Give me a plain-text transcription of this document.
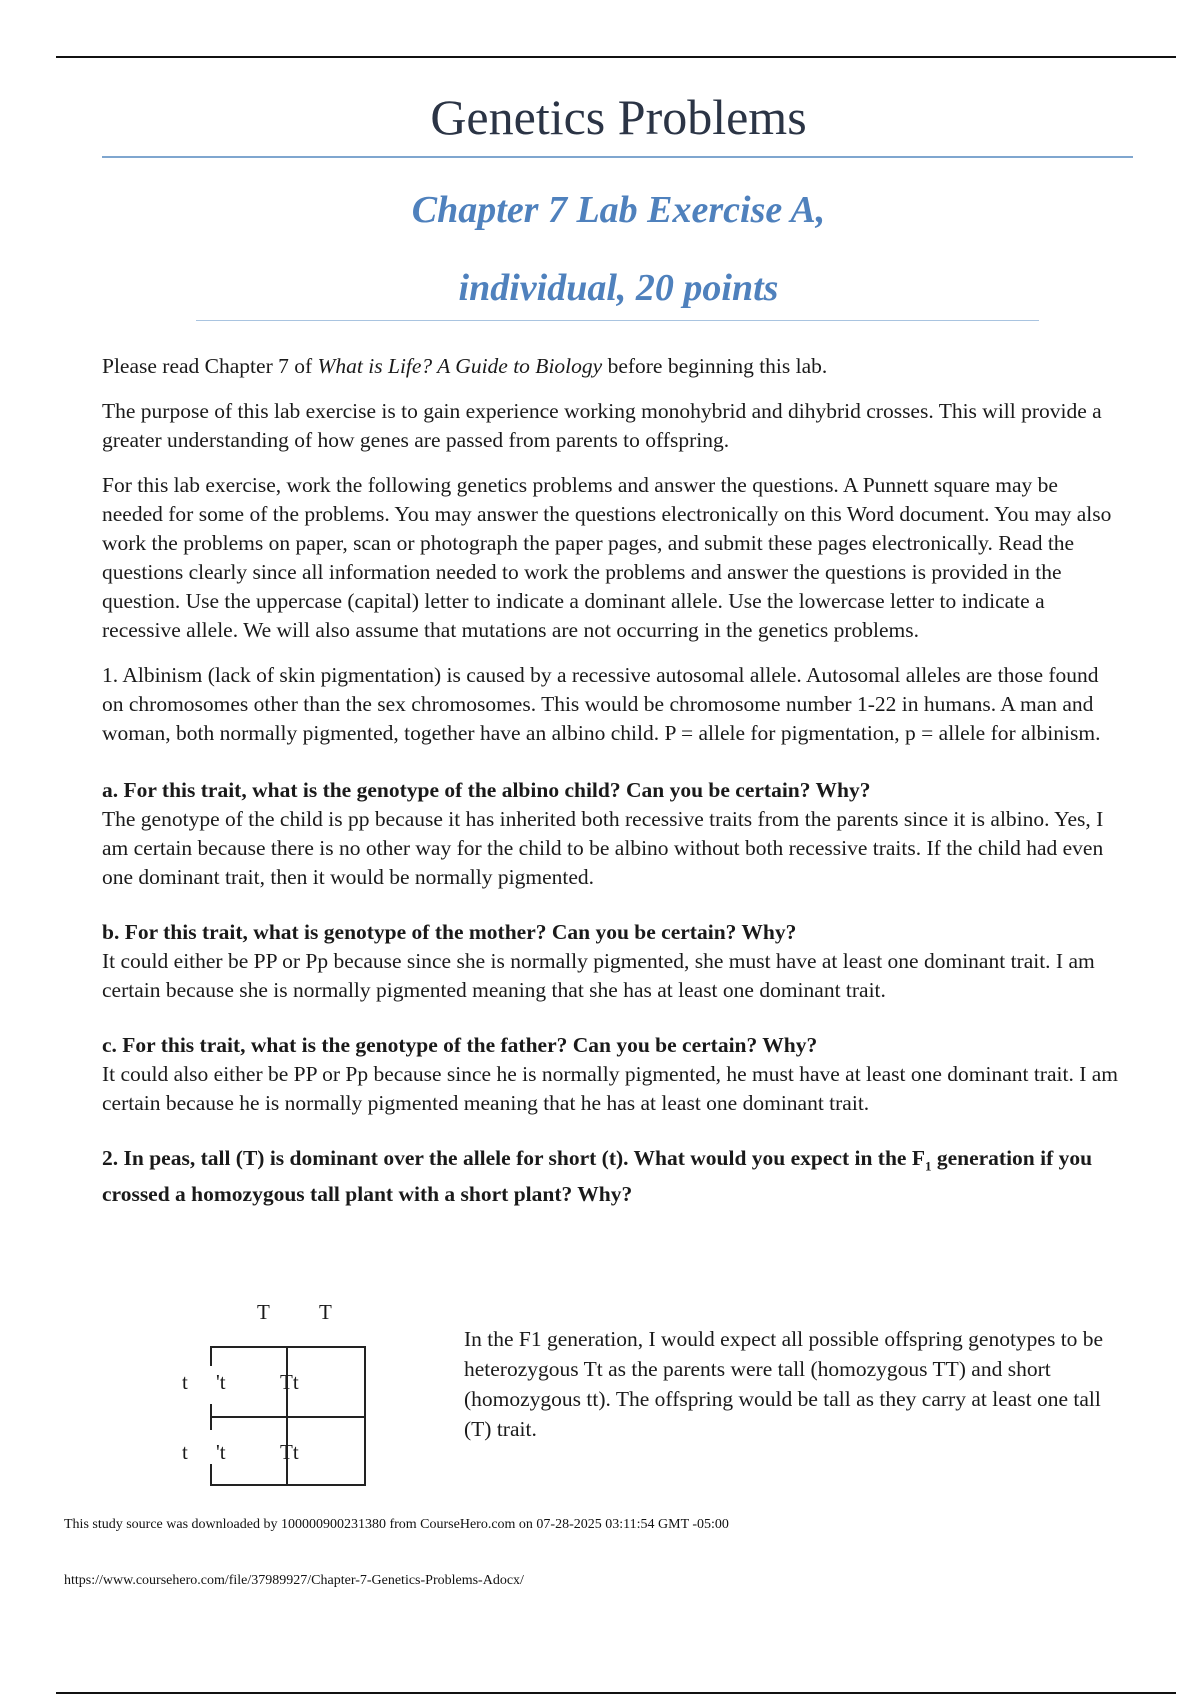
Genetics Problems
Chapter 7 Lab Exercise A,
individual, 20 points

Please read Chapter 7 of What is Life? A Guide to Biology before beginning this lab.

The purpose of this lab exercise is to gain experience working monohybrid and dihybrid crosses. This will provide a greater understanding of how genes are passed from parents to offspring.

For this lab exercise, work the following genetics problems and answer the questions. A Punnett square may be needed for some of the problems. You may answer the questions electronically on this Word document. You may also work the problems on paper, scan or photograph the paper pages, and submit these pages electronically. Read the questions clearly since all information needed to work the problems and answer the questions is provided in the question. Use the uppercase (capital) letter to indicate a dominant allele. Use the lowercase letter to indicate a recessive allele. We will also assume that mutations are not occurring in the genetics problems.

1. Albinism (lack of skin pigmentation) is caused by a recessive autosomal allele. Autosomal alleles are those found on chromosomes other than the sex chromosomes. This would be chromosome number 1-22 in humans. A man and woman, both normally pigmented, together have an albino child. P = allele for pigmentation, p = allele for albinism.

a. For this trait, what is the genotype of the albino child? Can you be certain? Why?

The genotype of the child is pp because it has inherited both recessive traits from the parents since it is albino. Yes, I am certain because there is no other way for the child to be albino without both recessive traits. If the child had even one dominant trait, then it would be normally pigmented.

b. For this trait, what is genotype of the mother? Can you be certain? Why?

It could either be PP or Pp because since she is normally pigmented, she must have at least one dominant trait. I am certain because she is normally pigmented meaning that she has at least one dominant trait.

c. For this trait, what is the genotype of the father? Can you be certain? Why?

It could also either be PP or Pp because since he is normally pigmented, he must have at least one dominant trait. I am certain because he is normally pigmented meaning that he has at least one dominant trait.

2. In peas, tall (T) is dominant over the allele for short (t). What would you expect in the $F_1$ generation if you crossed a homozygous tall plant with a short plant? Why?

T T
t
t
't	Tt
't	Tt

In the F1 generation, I would expect all possible offspring genotypes to be heterozygous Tt as the parents were tall (homozygous TT) and short (homozygous tt). The offspring would be tall as they carry at least one tall (T) trait.

This study source was downloaded by 100000900231380 from CourseHero.com on 07-28-2025 03:11:54 GMT -05:00

https://www.coursehero.com/file/37989927/Chapter-7-Genetics-Problems-Adocx/
